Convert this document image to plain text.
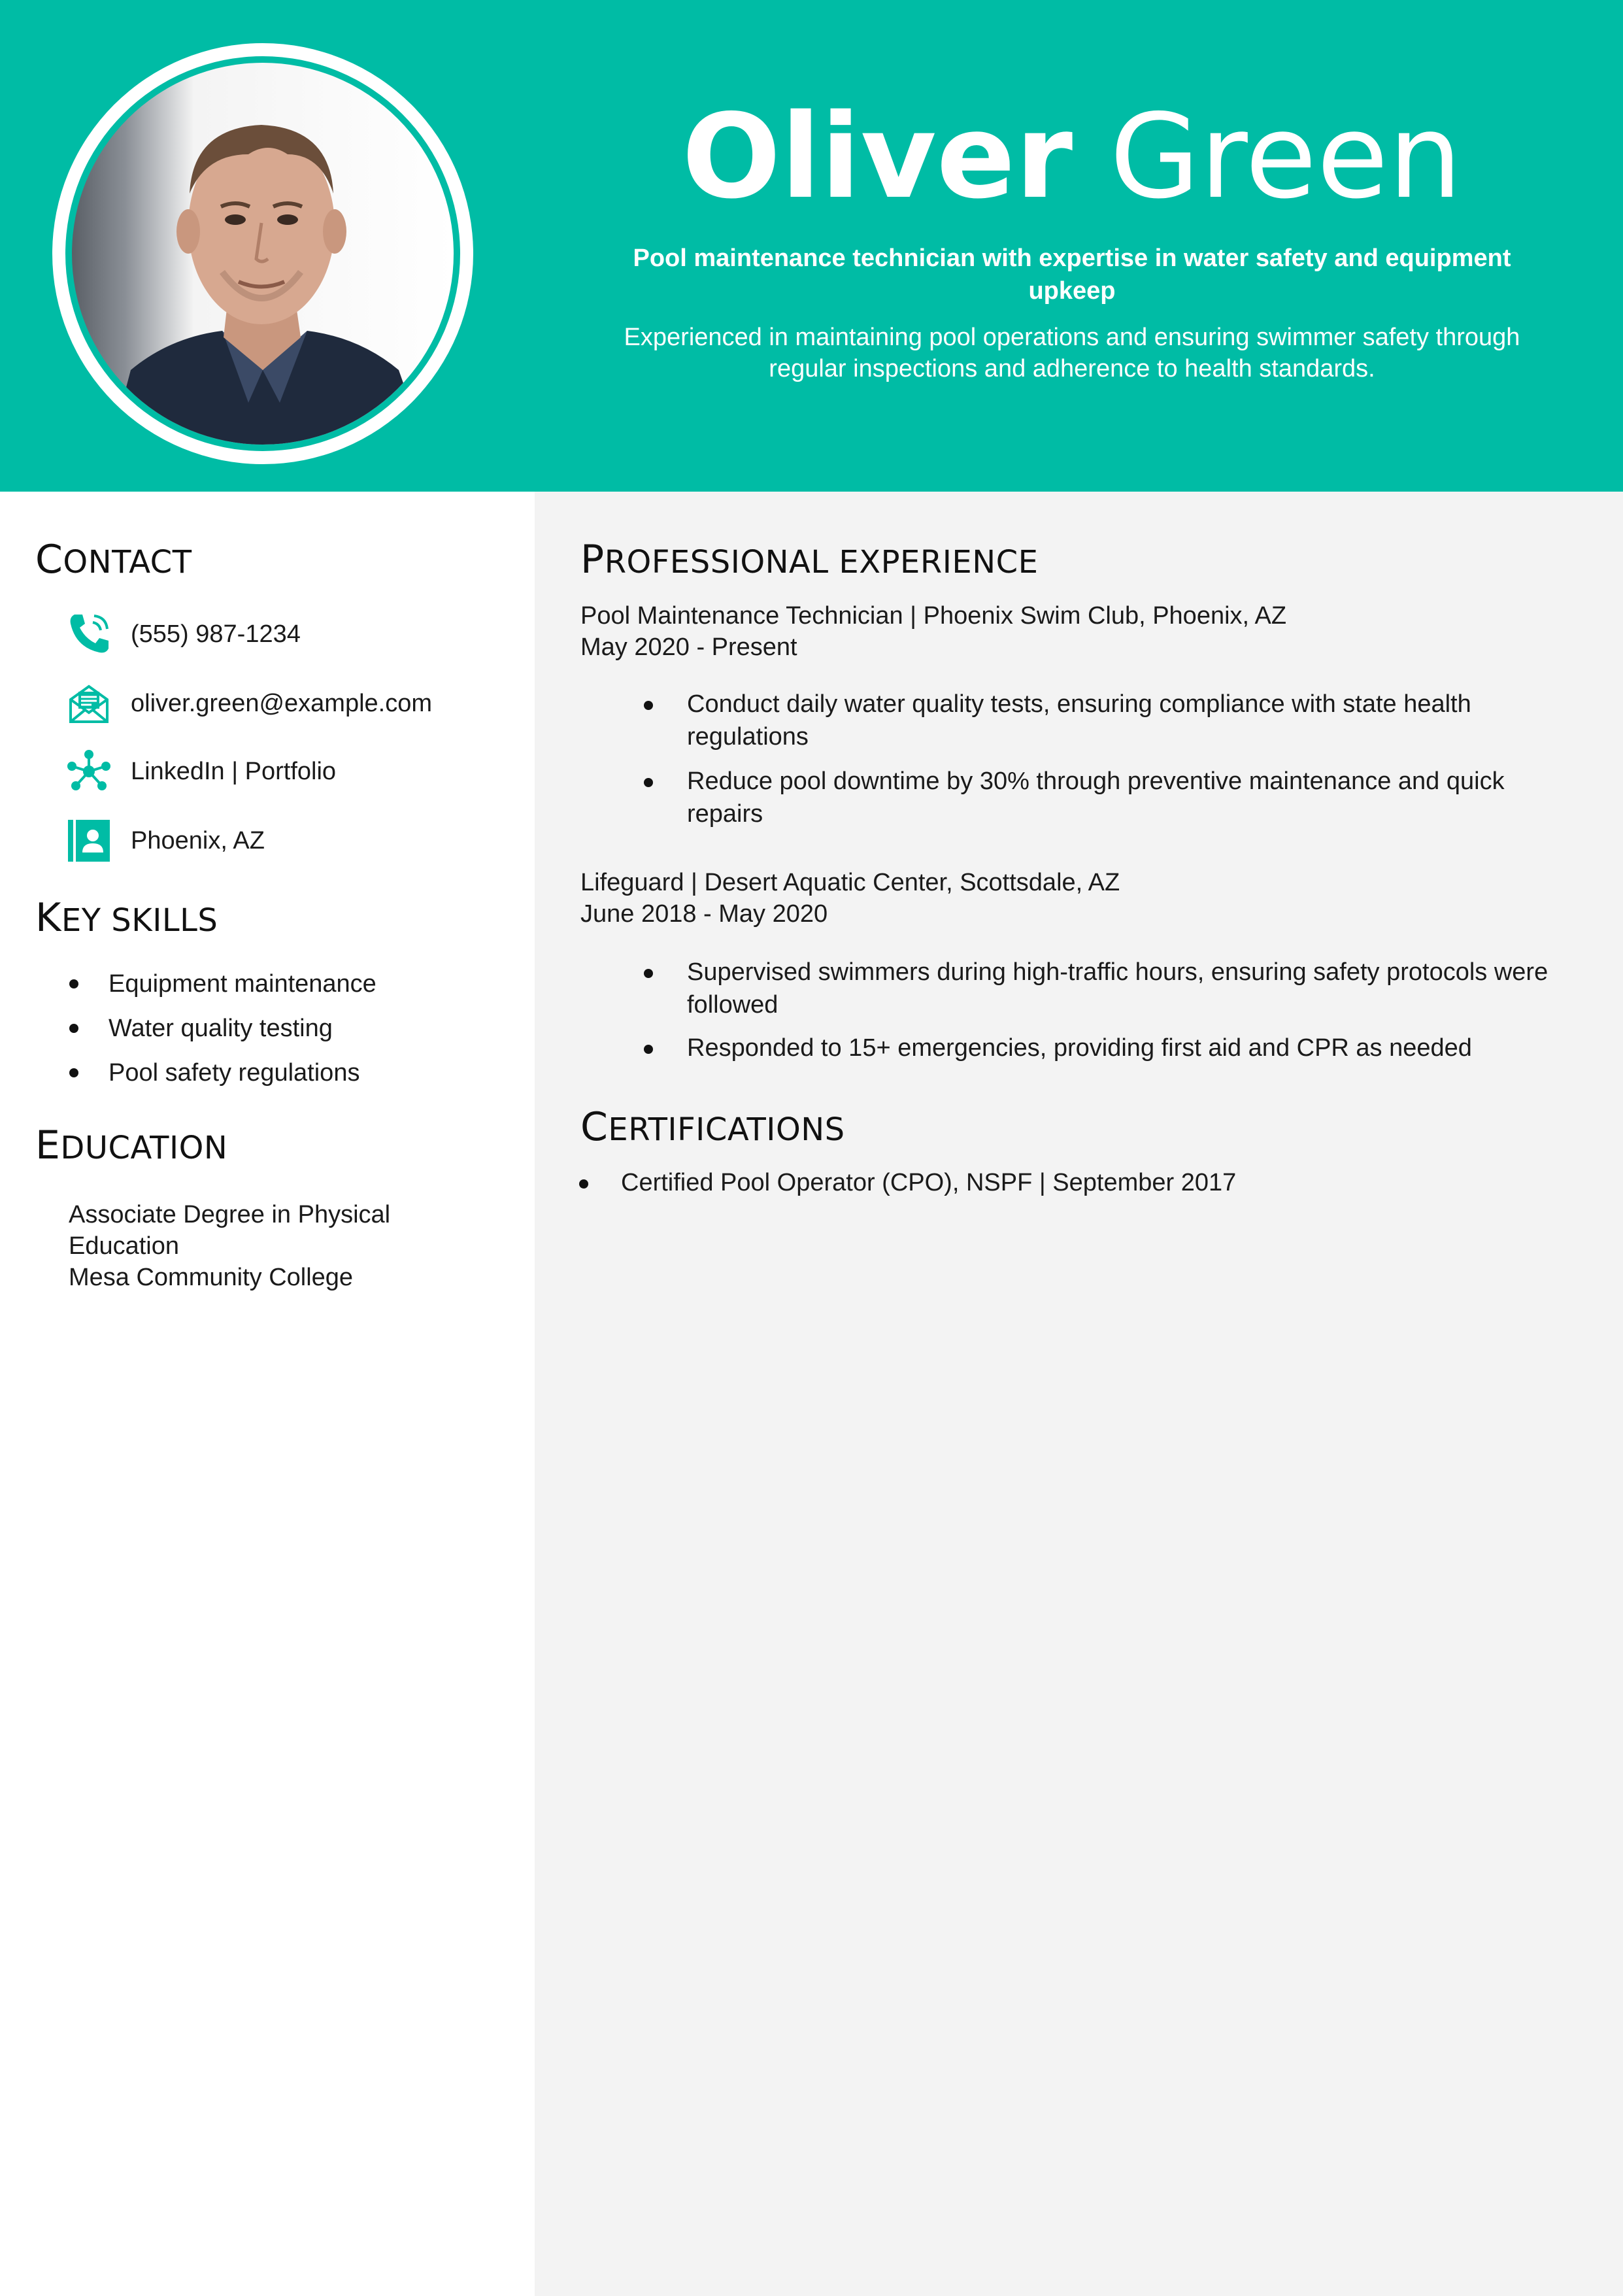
Oliver Green
Pool maintenance technician with expertise in water safety and equipment upkeep
Experienced in maintaining pool operations and ensuring swimmer safety through regular inspections and adherence to health standards.
CONTACT
(555) 987-1234
oliver.green@example.com
LinkedIn | Portfolio
Phoenix, AZ
KEY SKILLS
Equipment maintenance
Water quality testing
Pool safety regulations
EDUCATION
Associate Degree in Physical Education
Mesa Community College
PROFESSIONAL EXPERIENCE
Pool Maintenance Technician | Phoenix Swim Club, Phoenix, AZ
May 2020 - Present
Conduct daily water quality tests, ensuring compliance with state health regulations
Reduce pool downtime by 30% through preventive maintenance and quick repairs
Lifeguard | Desert Aquatic Center, Scottsdale, AZ
June 2018 - May 2020
Supervised swimmers during high-traffic hours, ensuring safety protocols were followed
Responded to 15+ emergencies, providing first aid and CPR as needed
CERTIFICATIONS
Certified Pool Operator (CPO), NSPF | September 2017
